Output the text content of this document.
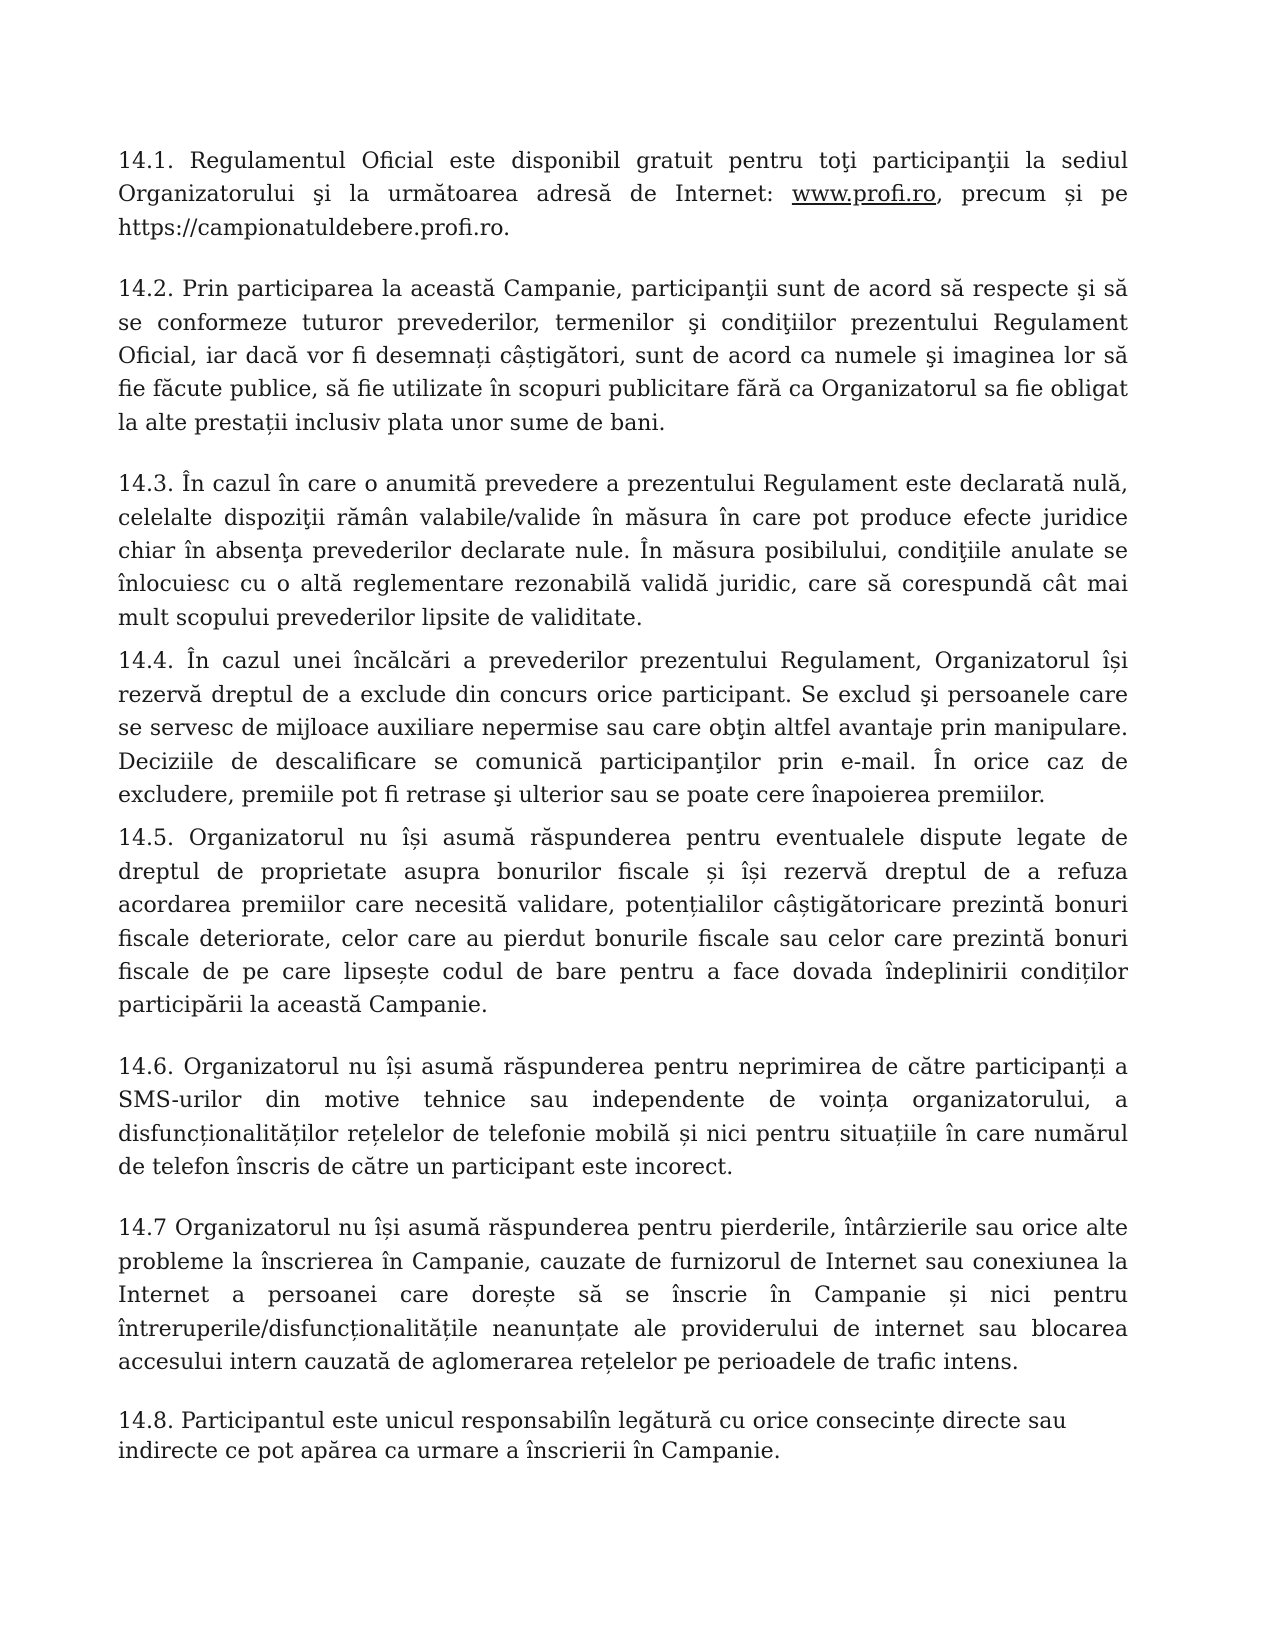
14.1. Regulamentul Oficial este disponibil gratuit pentru toţi participanţii la sediul Organizatorului şi la următoarea adresă de Internet: www.profi.ro, precum și pe https://campionatuldebere.profi.ro.

14.2. Prin participarea la această Campanie, participanţii sunt de acord să respecte şi să se conformeze tuturor prevederilor, termenilor şi condiţiilor prezentului Regulament Oficial, iar dacă vor fi desemnați câștigători, sunt de acord ca numele şi imaginea lor să fie făcute publice, să fie utilizate în scopuri publicitare fără ca Organizatorul sa fie obligat la alte prestații inclusiv plata unor sume de bani.

14.3. În cazul în care o anumită prevedere a prezentului Regulament este declarată nulă, celelalte dispoziţii rămân valabile/valide în măsura în care pot produce efecte juridice chiar în absenţa prevederilor declarate nule. În măsura posibilului, condiţiile anulate se înlocuiesc cu o altă reglementare rezonabilă validă juridic, care să corespundă cât mai mult scopului prevederilor lipsite de validitate.

14.4. În cazul unei încălcări a prevederilor prezentului Regulament, Organizatorul își rezervă dreptul de a exclude din concurs orice participant. Se exclud şi persoanele care se servesc de mijloace auxiliare nepermise sau care obţin altfel avantaje prin manipulare. Deciziile de descalificare se comunică participanţilor prin e-mail. În orice caz de excludere, premiile pot fi retrase şi ulterior sau se poate cere înapoierea premiilor.

14.5. Organizatorul nu își asumă răspunderea pentru eventualele dispute legate de dreptul de proprietate asupra bonurilor fiscale și își rezervă dreptul de a refuza acordarea premiilor care necesită validare, potențialilor câștigătoricare prezintă bonuri fiscale deteriorate, celor care au pierdut bonurile fiscale sau celor care prezintă bonuri fiscale de pe care lipsește codul de bare pentru a face dovada îndeplinirii condiților participării la această Campanie.

14.6. Organizatorul nu își asumă răspunderea pentru neprimirea de către participanți a SMS-urilor din motive tehnice sau independente de voința organizatorului, a disfuncționalităților rețelelor de telefonie mobilă și nici pentru situațiile în care numărul de telefon înscris de către un participant este incorect.

14.7 Organizatorul nu își asumă răspunderea pentru pierderile, întârzierile sau orice alte probleme la înscrierea în Campanie, cauzate de furnizorul de Internet sau conexiunea la Internet a persoanei care dorește să se înscrie în Campanie și nici pentru întreruperile/disfuncționalitățile neanunțate ale providerului de internet sau blocarea accesului intern cauzată de aglomerarea rețelelor pe perioadele de trafic intens.

14.8. Participantul este unicul responsabilîn legătură cu orice consecințe directe sau indirecte ce pot apărea ca urmare a înscrierii în Campanie.
